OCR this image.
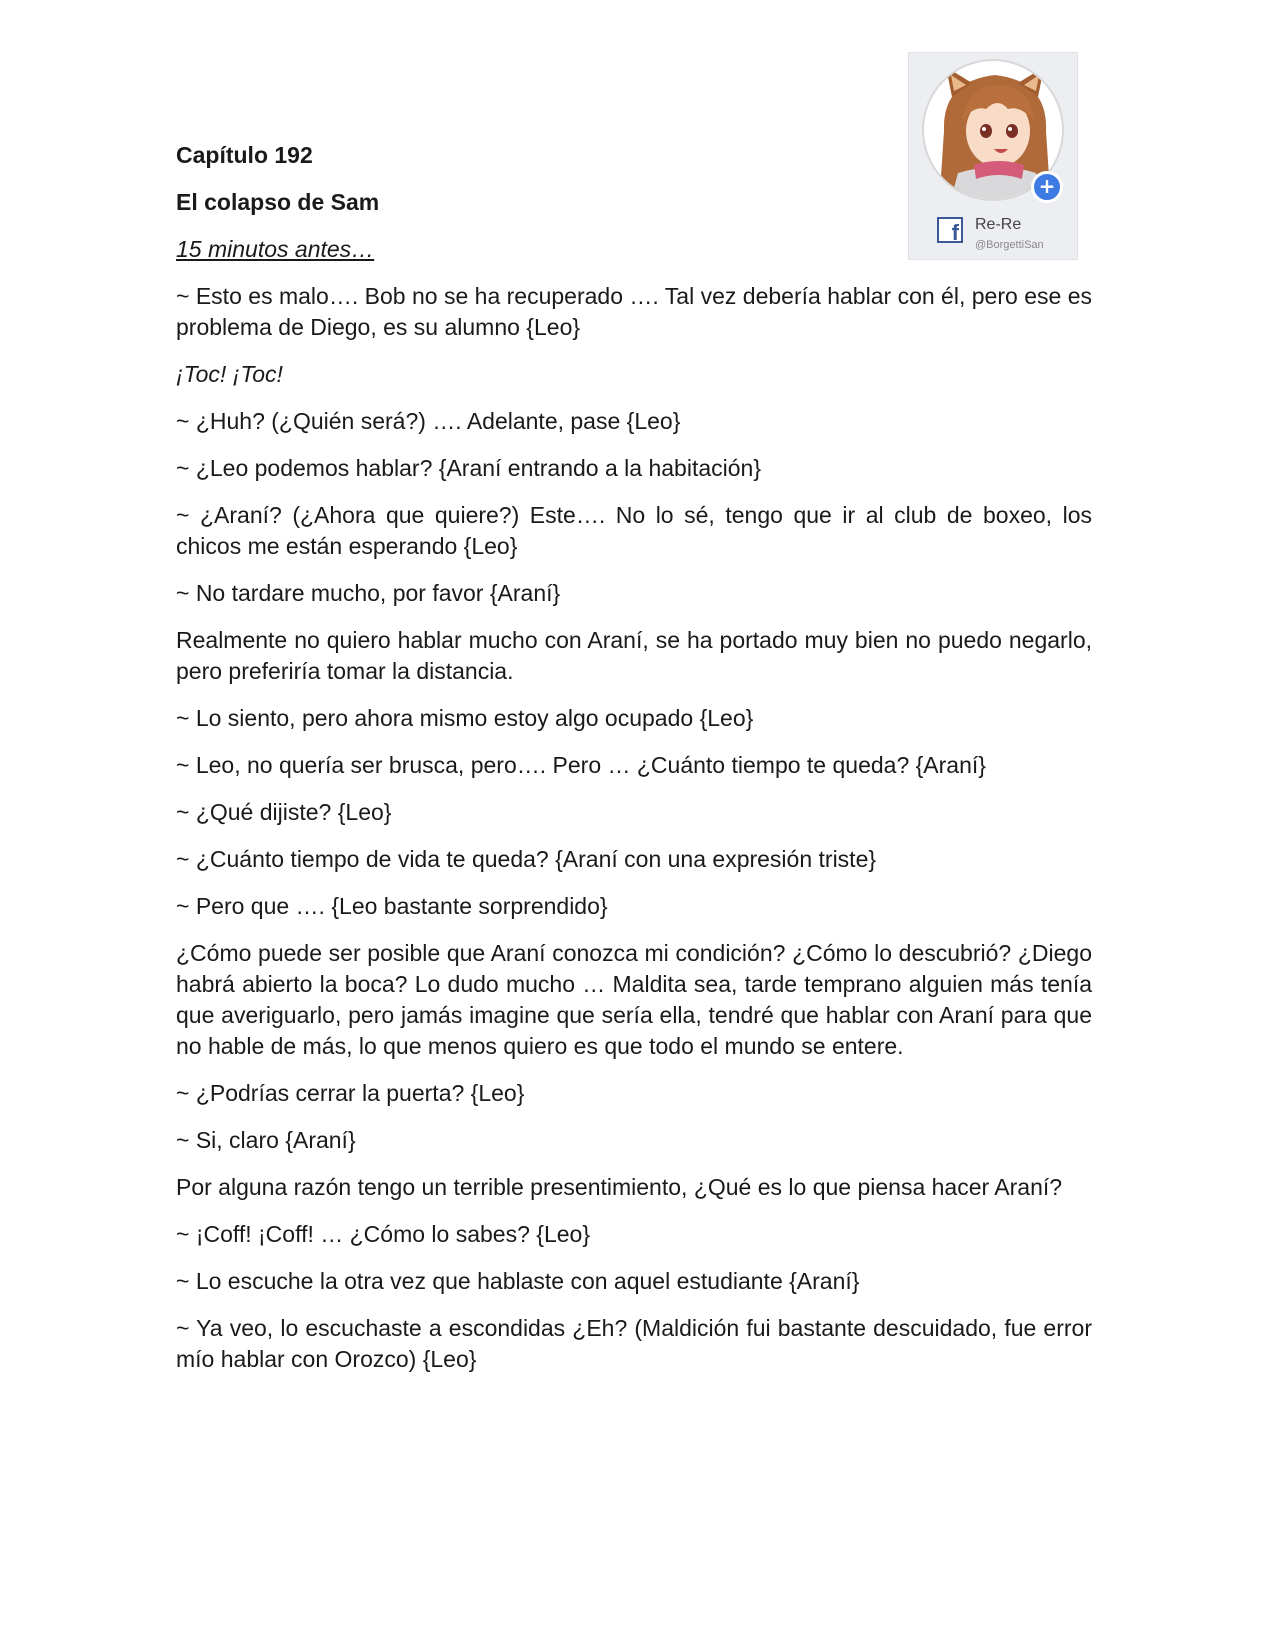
+
f Re-Re
@BorgettiSan
Capítulo 192
El colapso de Sam
15 minutos antes…

~ Esto es malo…. Bob no se ha recuperado …. Tal vez debería hablar con él, pero ese es problema de Diego, es su alumno {Leo}

¡Toc! ¡Toc!

~ ¿Huh? (¿Quién será?) …. Adelante, pase {Leo}

~ ¿Leo podemos hablar? {Araní entrando a la habitación}

~ ¿Araní? (¿Ahora que quiere?) Este…. No lo sé, tengo que ir al club de boxeo, los chicos me están esperando {Leo}

~ No tardare mucho, por favor {Araní}

Realmente no quiero hablar mucho con Araní, se ha portado muy bien no puedo negarlo, pero preferiría tomar la distancia.

~ Lo siento, pero ahora mismo estoy algo ocupado {Leo}

~ Leo, no quería ser brusca, pero…. Pero … ¿Cuánto tiempo te queda? {Araní}

~ ¿Qué dijiste? {Leo}

~ ¿Cuánto tiempo de vida te queda? {Araní con una expresión triste}

~ Pero que …. {Leo bastante sorprendido}

¿Cómo puede ser posible que Araní conozca mi condición? ¿Cómo lo descubrió? ¿Diego habrá abierto la boca? Lo dudo mucho … Maldita sea, tarde temprano alguien más tenía que averiguarlo, pero jamás imagine que sería ella, tendré que hablar con Araní para que no hable de más, lo que menos quiero es que todo el mundo se entere.

~ ¿Podrías cerrar la puerta? {Leo}

~ Si, claro {Araní}

Por alguna razón tengo un terrible presentimiento, ¿Qué es lo que piensa hacer Araní?

~ ¡Coff! ¡Coff! … ¿Cómo lo sabes? {Leo}

~ Lo escuche la otra vez que hablaste con aquel estudiante {Araní}

~ Ya veo, lo escuchaste a escondidas ¿Eh? (Maldición fui bastante descuidado, fue error mío hablar con Orozco) {Leo}
